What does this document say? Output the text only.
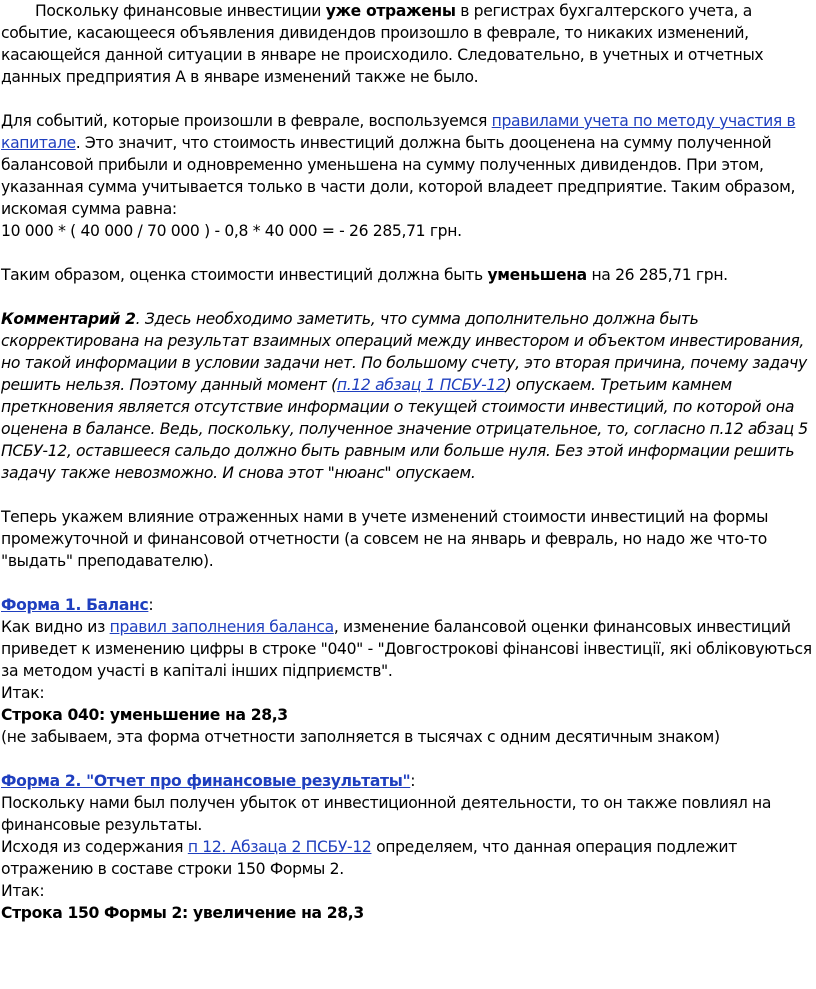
Поскольку финансовые инвестиции уже отражены в регистрах бухгалтерского учета, а событие, касающееся объявления дивидендов произошло в феврале, то никаких изменений, касающейся данной ситуации в январе не происходило. Следовательно, в учетных и отчетных данных предприятия А в январе изменений также не было.

Для событий, которые произошли в феврале, воспользуемся правилами учета по методу участия в капитале. Это значит, что стоимость инвестиций должна быть дооценена на сумму полученной балансовой прибыли и одновременно уменьшена на сумму полученных дивидендов. При этом, указанная сумма учитывается только в части доли, которой владеет предприятие. Таким образом, искомая сумма равна:

10 000 * ( 40 000 / 70 000 ) - 0,8 * 40 000 = - 26 285,71 грн.

Таким образом, оценка стоимости инвестиций должна быть уменьшена на 26 285,71 грн.

Комментарий 2. Здесь необходимо заметить, что сумма дополнительно должна быть скорректирована на результат взаимных операций между инвестором и объектом инвестирования, но такой информации в условии задачи нет. По большому счету, это вторая причина, почему задачу решить нельзя. Поэтому данный момент (п.12 абзац 1 ПСБУ-12) опускаем. Третьим камнем преткновения является отсутствие информации о текущей стоимости инвестиций, по которой она оценена в балансе. Ведь, поскольку, полученное значение отрицательное, то, согласно п.12 абзац 5 ПСБУ-12, оставшееся сальдо должно быть равным или больше нуля. Без этой информации решить задачу также невозможно. И снова этот "нюанс" опускаем.

Теперь укажем влияние отраженных нами в учете изменений стоимости инвестиций на формы промежуточной и финансовой отчетности (а совсем не на январь и февраль, но надо же что-то "выдать" преподавателю).

Форма 1. Баланс:

Как видно из правил заполнения баланса, изменение балансовой оценки финансовых инвестиций приведет к изменению цифры в строке "040" - "Довгострокові фінансові інвестиції, які обліковуються за методом участі в капіталі інших підприємств".

Итак:

Строка 040: уменьшение на 28,3

(не забываем, эта форма отчетности заполняется в тысячах с одним десятичным знаком)

Форма 2. "Отчет про финансовые результаты":

Поскольку нами был получен убыток от инвестиционной деятельности, то он также повлиял на финансовые результаты.

Исходя из содержания п 12. Абзаца 2 ПСБУ-12 определяем, что данная операция подлежит отражению в составе строки 150 Формы 2.

Итак:

Строка 150 Формы 2: увеличение на 28,3
